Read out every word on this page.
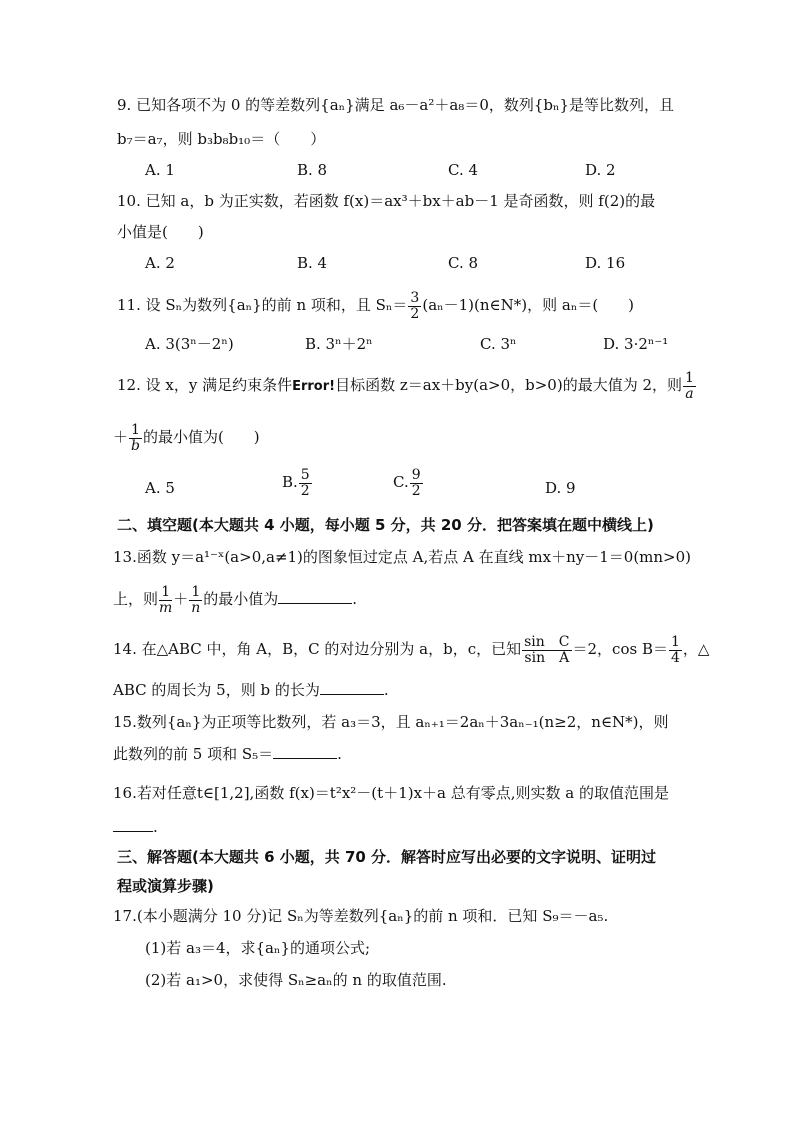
9. 已知各项不为 0 的等差数列{aₙ}满足 a₆－a²＋a₈＝0，数列{bₙ}是等比数列，且
b₇＝a₇，则 b₃b₈b₁₀＝（　　）
A. 1	B. 8	C. 4	D. 2
10. 已知 a，b 为正实数，若函数 f(x)＝ax³＋bx＋ab－1 是奇函数，则 f(2)的最
小值是(　　)
A. 2	B. 4	C. 8	D. 16
11. 设 Sₙ为数列{aₙ}的前 n 项和，且 $S_n= \frac{3}{2}$ (aₙ－1)(n∈N*)，则 aₙ＝(　　)
A. 3(3ⁿ－2ⁿ)	B. 3ⁿ＋2ⁿ	C. 3ⁿ	D. 3·2ⁿ⁻¹
12. 设 x，y 满足约束条件Error!目标函数 z＝ax＋by(a>0，b>0)的最大值为 2，则 $\frac{1}{a}$
＋ $\frac{1}{b}$ 的最小值为(　　)
A. 5	B. $\frac{5}{2}$	C. $\frac{9}{2}$	D. 9
二、填空题(本大题共 4 小题，每小题 5 分，共 20 分．把答案填在题中横线上)
13.函数 y＝a¹⁻ˣ(a>0,a≠1)的图象恒过定点 A,若点 A 在直线 mx＋ny－1＝0(mn>0)
上，则 $\frac{1}{m} + \frac{1}{n}$ 的最小值为	.
14. 在△ABC 中，角 A，B，C 的对边分别为 a，b，c，已知 $\frac{\text{sin　C}}{\text{sin　A}} =2$，$\cos B= \frac{1}{4}$ ，△
ABC 的周长为 5，则 b 的长为	.
15.数列{aₙ}为正项等比数列，若 a₃＝3，且 aₙ₊₁＝2aₙ＋3aₙ₋₁(n≥2，n∈N*)，则
此数列的前 5 项和 S₅＝	.
16.若对任意t∈[1,2],函数 f(x)＝t²x²－(t＋1)x＋a 总有零点,则实数 a 的取值范围是
.
三、解答题(本大题共 6 小题，共 70 分．解答时应写出必要的文字说明、证明过
程或演算步骤)
17.(本小题满分 10 分)记 Sₙ为等差数列{aₙ}的前 n 项和．已知 S₉＝－a₅.
(1)若 a₃＝4，求{aₙ}的通项公式;
(2)若 a₁>0，求使得 Sₙ≥aₙ的 n 的取值范围.
